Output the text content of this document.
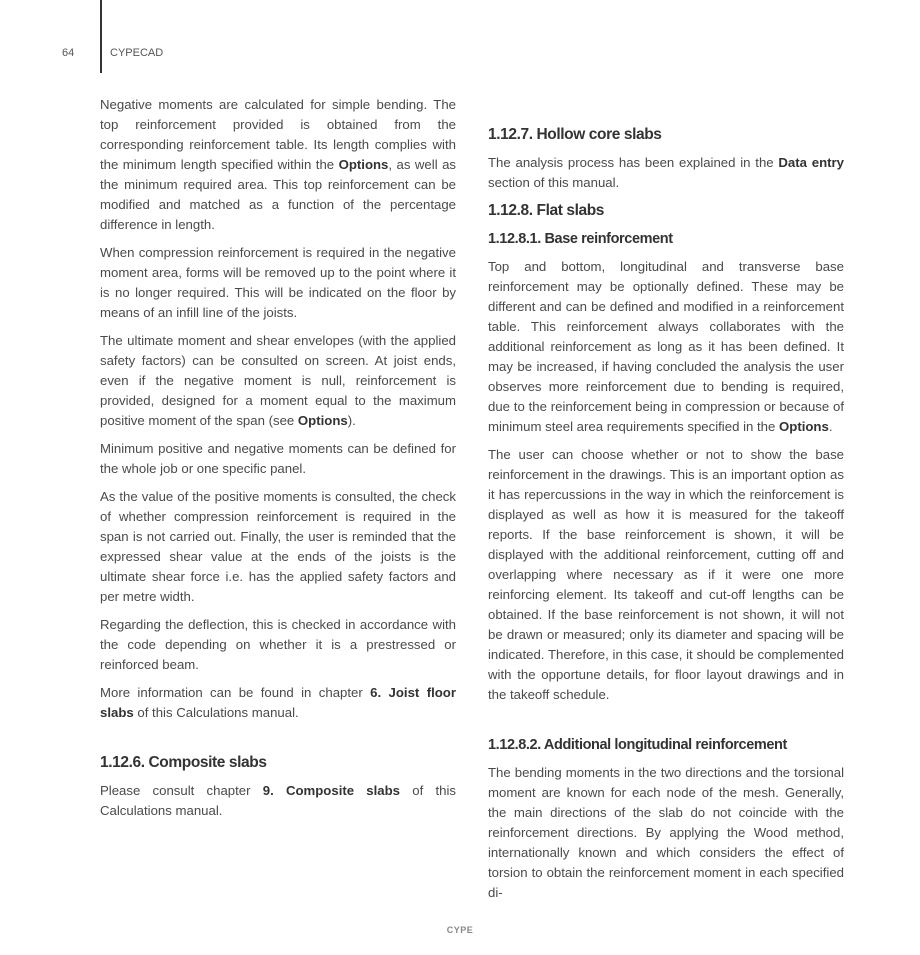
64	CYPECAD

Negative moments are calculated for simple bending. The top reinforcement provided is obtained from the corresponding reinforcement table. Its length complies with the minimum length specified within the Options, as well as the minimum required area. This top reinforcement can be modified and matched as a function of the percentage difference in length.

When compression reinforcement is required in the negative moment area, forms will be removed up to the point where it is no longer required. This will be indicated on the floor by means of an infill line of the joists.

The ultimate moment and shear envelopes (with the applied safety factors) can be consulted on screen. At joist ends, even if the negative moment is null, reinforcement is provided, designed for a moment equal to the maximum positive moment of the span (see Options).

Minimum positive and negative moments can be defined for the whole job or one specific panel.

As the value of the positive moments is consulted, the check of whether compression reinforcement is required in the span is not carried out. Finally, the user is reminded that the expressed shear value at the ends of the joists is the ultimate shear force i.e. has the applied safety factors and per metre width.

Regarding the deflection, this is checked in accordance with the code depending on whether it is a prestressed or reinforced beam.

More information can be found in chapter 6. Joist floor slabs of this Calculations manual.

1.12.6. Composite slabs

Please consult chapter 9. Composite slabs of this Calculations manual.

1.12.7. Hollow core slabs

The analysis process has been explained in the Data entry section of this manual.

1.12.8. Flat slabs
1.12.8.1. Base reinforcement

Top and bottom, longitudinal and transverse base reinforcement may be optionally defined. These may be different and can be defined and modified in a reinforcement table. This reinforcement always collaborates with the additional reinforcement as long as it has been defined. It may be increased, if having concluded the analysis the user observes more reinforcement due to bending is required, due to the reinforcement being in compression or because of minimum steel area requirements specified in the Options.

The user can choose whether or not to show the base reinforcement in the drawings. This is an important option as it has repercussions in the way in which the reinforcement is displayed as well as how it is measured for the takeoff reports. If the base reinforcement is shown, it will be displayed with the additional reinforcement, cutting off and overlapping where necessary as if it were one more reinforcing element. Its takeoff and cut-off lengths can be obtained. If the base reinforcement is not shown, it will not be drawn or measured; only its diameter and spacing will be indicated. Therefore, in this case, it should be complemented with the opportune details, for floor layout drawings and in the takeoff schedule.

1.12.8.2. Additional longitudinal reinforcement

The bending moments in the two directions and the torsional moment are known for each node of the mesh. Generally, the main directions of the slab do not coincide with the reinforcement directions. By applying the Wood method, internationally known and which considers the effect of torsion to obtain the reinforcement moment in each specified di-

CYPE
